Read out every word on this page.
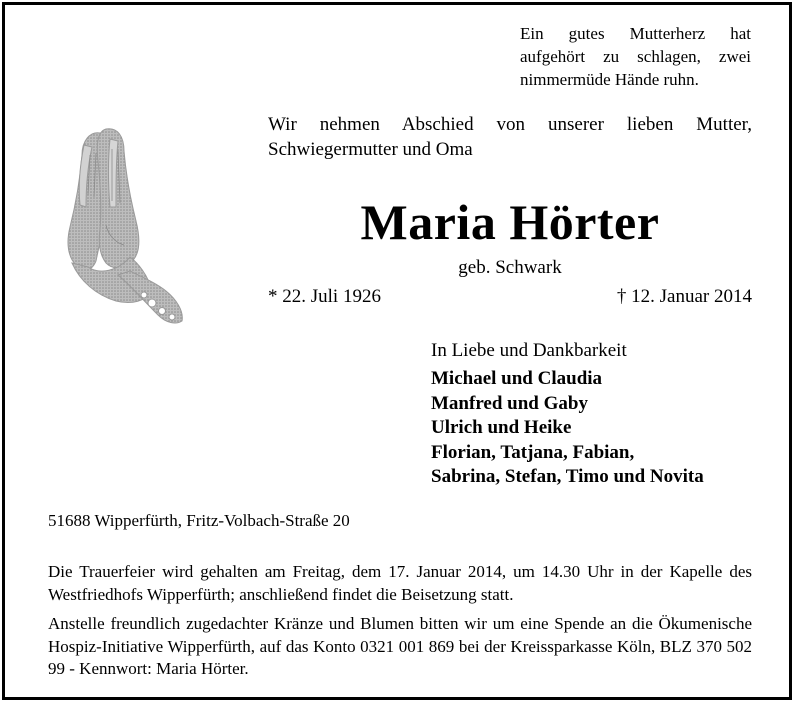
Ein gutes Mutterherz hat aufgehört zu schlagen, zwei nimmermüde Hände ruhn.
Wir nehmen Abschied von unserer lieben Mutter, Schwiegermutter und Oma
Maria Hörter
geb. Schwark
* 22. Juli 1926	† 12. Januar 2014
In Liebe und Dankbarkeit
Michael und Claudia
Manfred und Gaby
Ulrich und Heike
Florian, Tatjana, Fabian,
Sabrina, Stefan, Timo und Novita
51688 Wipperfürth, Fritz-Volbach-Straße 20
Die Trauerfeier wird gehalten am Freitag, dem 17. Januar 2014, um 14.30 Uhr in der Kapelle des Westfriedhofs Wipperfürth; anschließend findet die Beisetzung statt.
Anstelle freundlich zugedachter Kränze und Blumen bitten wir um eine Spende an die Ökumenische Hospiz-Initiative Wipperfürth, auf das Konto 0321 001 869 bei der Kreissparkasse Köln, BLZ 370 502 99 - Kennwort: Maria Hörter.
